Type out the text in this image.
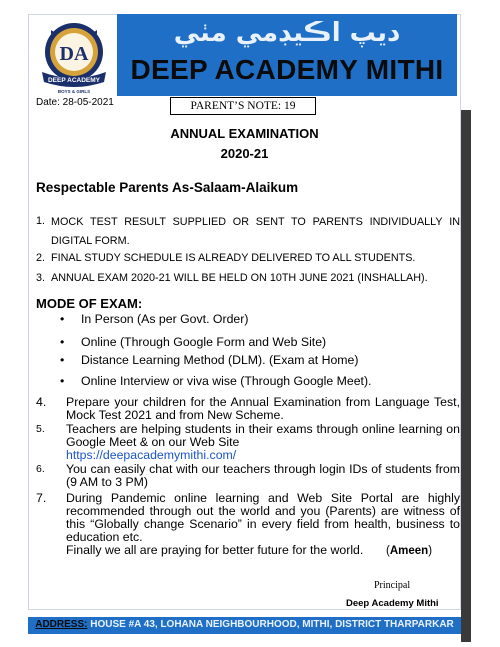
DA
DEEP ACADEMY
BOYS & GIRLS
ديپ اڪيڊمي مٺي
DEEP ACADEMY MITHI
Date: 28-05-2021	PARENT’S NOTE: 19
ANNUAL EXAMINATION
2020-21
Respectable Parents As-Salaam-Alaikum
1. MOCK TEST RESULT SUPPLIED OR SENT TO PARENTS INDIVIDUALLY IN DIGITAL FORM.
2. FINAL STUDY SCHEDULE IS ALREADY DELIVERED TO ALL STUDENTS.
3. ANNUAL EXAM 2020-21 WILL BE HELD ON 10TH JUNE 2021 (INSHALLAH).
MODE OF EXAM:
• In Person (As per Govt. Order)
• Online (Through Google Form and Web Site)
• Distance Learning Method (DLM). (Exam at Home)
• Online Interview or viva wise (Through Google Meet).
4. Prepare your children for the Annual Examination from Language Test, Mock Test 2021 and from New Scheme.
5. Teachers are helping students in their exams through online learning on Google Meet & on our Web Site
https://deepacademymithi.com/
6. You can easily chat with our teachers through login IDs of students from (9 AM to 3 PM)
7. During Pandemic online learning and Web Site Portal are highly recommended through out the world and you (Parents) are witness of this “Globally change Scenario” in every field from health, business to education etc.
Finally we all are praying for better future for the world. (Ameen)
Principal
Deep Academy Mithi
ADDRESS: HOUSE #A 43, LOHANA NEIGHBOURHOOD, MITHI, DISTRICT THARPARKAR
